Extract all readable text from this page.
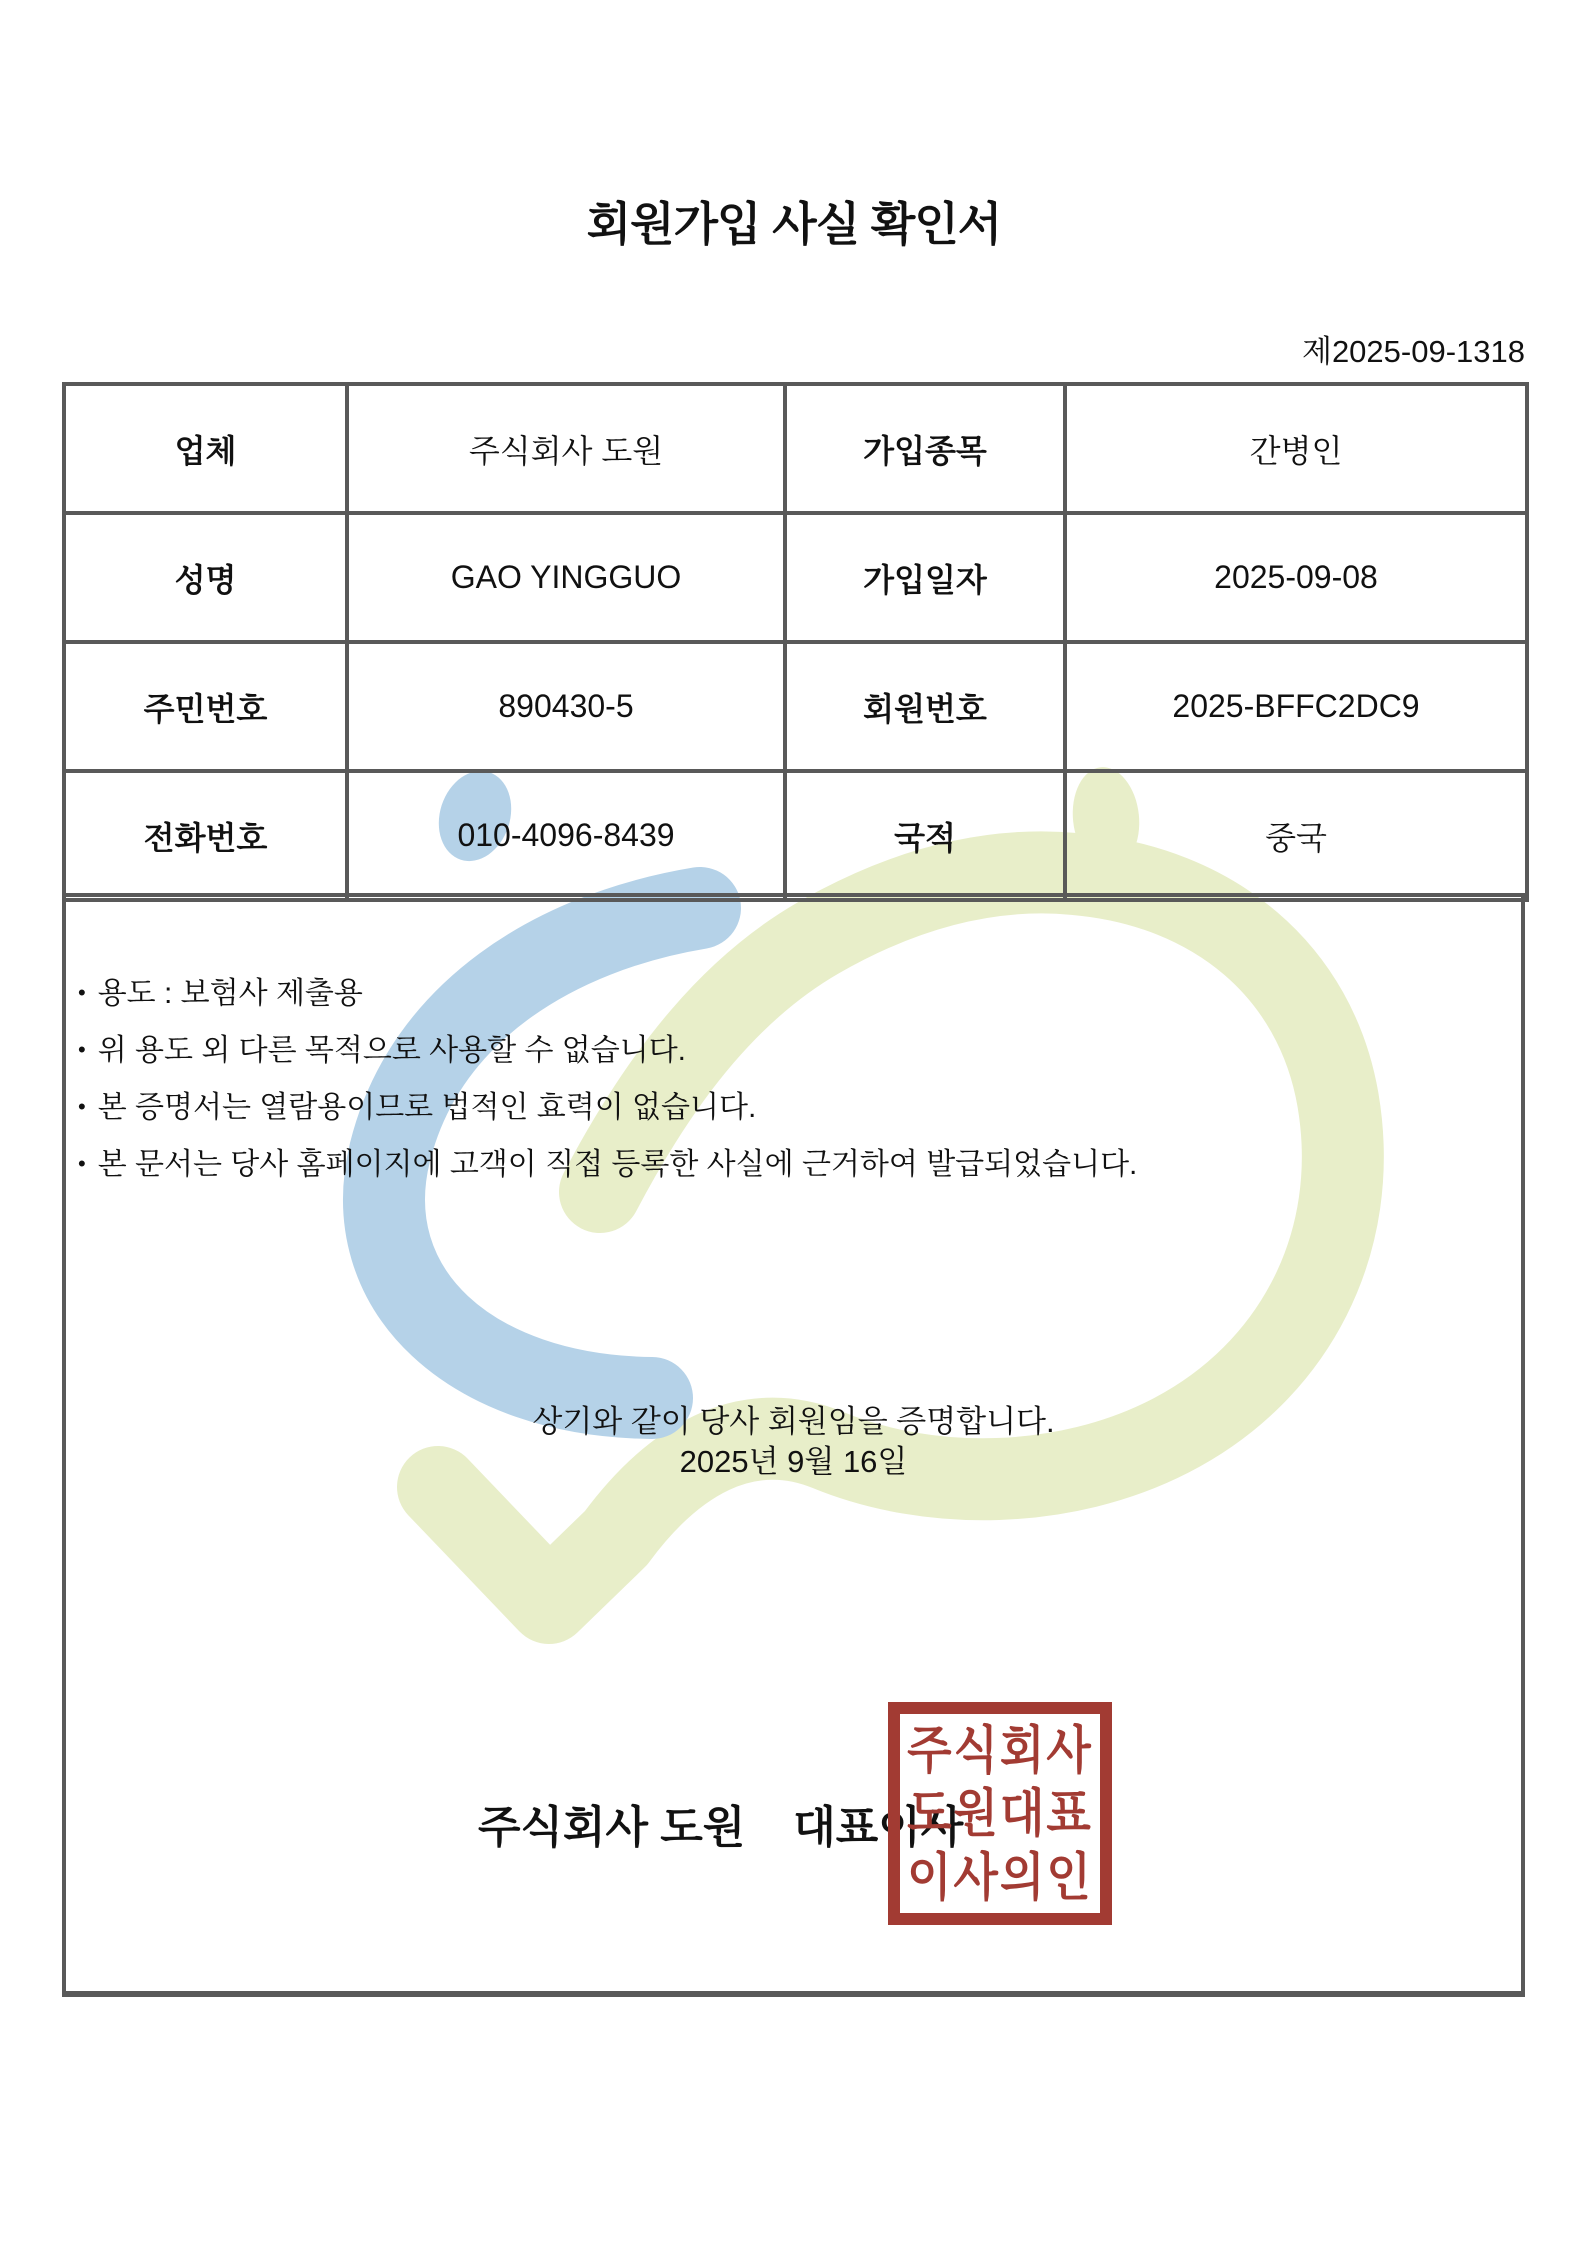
회원가입 사실 확인서
제2025-09-1318
업체	주식회사 도원	가입종목	간병인
성명	GAO YINGGUO	가입일자	2025-09-08
주민번호	890430-5	회원번호	2025-BFFC2DC9
전화번호	010-4096-8439	국적	중국
• 용도 : 보험사 제출용
• 위 용도 외 다른 목적으로 사용할 수 없습니다.
• 본 증명서는 열람용이므로 법적인 효력이 없습니다.
• 본 문서는 당사 홈페이지에 고객이 직접 등록한 사실에 근거하여 발급되었습니다.
상기와 같이 당사 회원임을 증명합니다.
2025년 9월 16일
주식회사 도원 대표이사
주식회사
도원대표
이사의인
